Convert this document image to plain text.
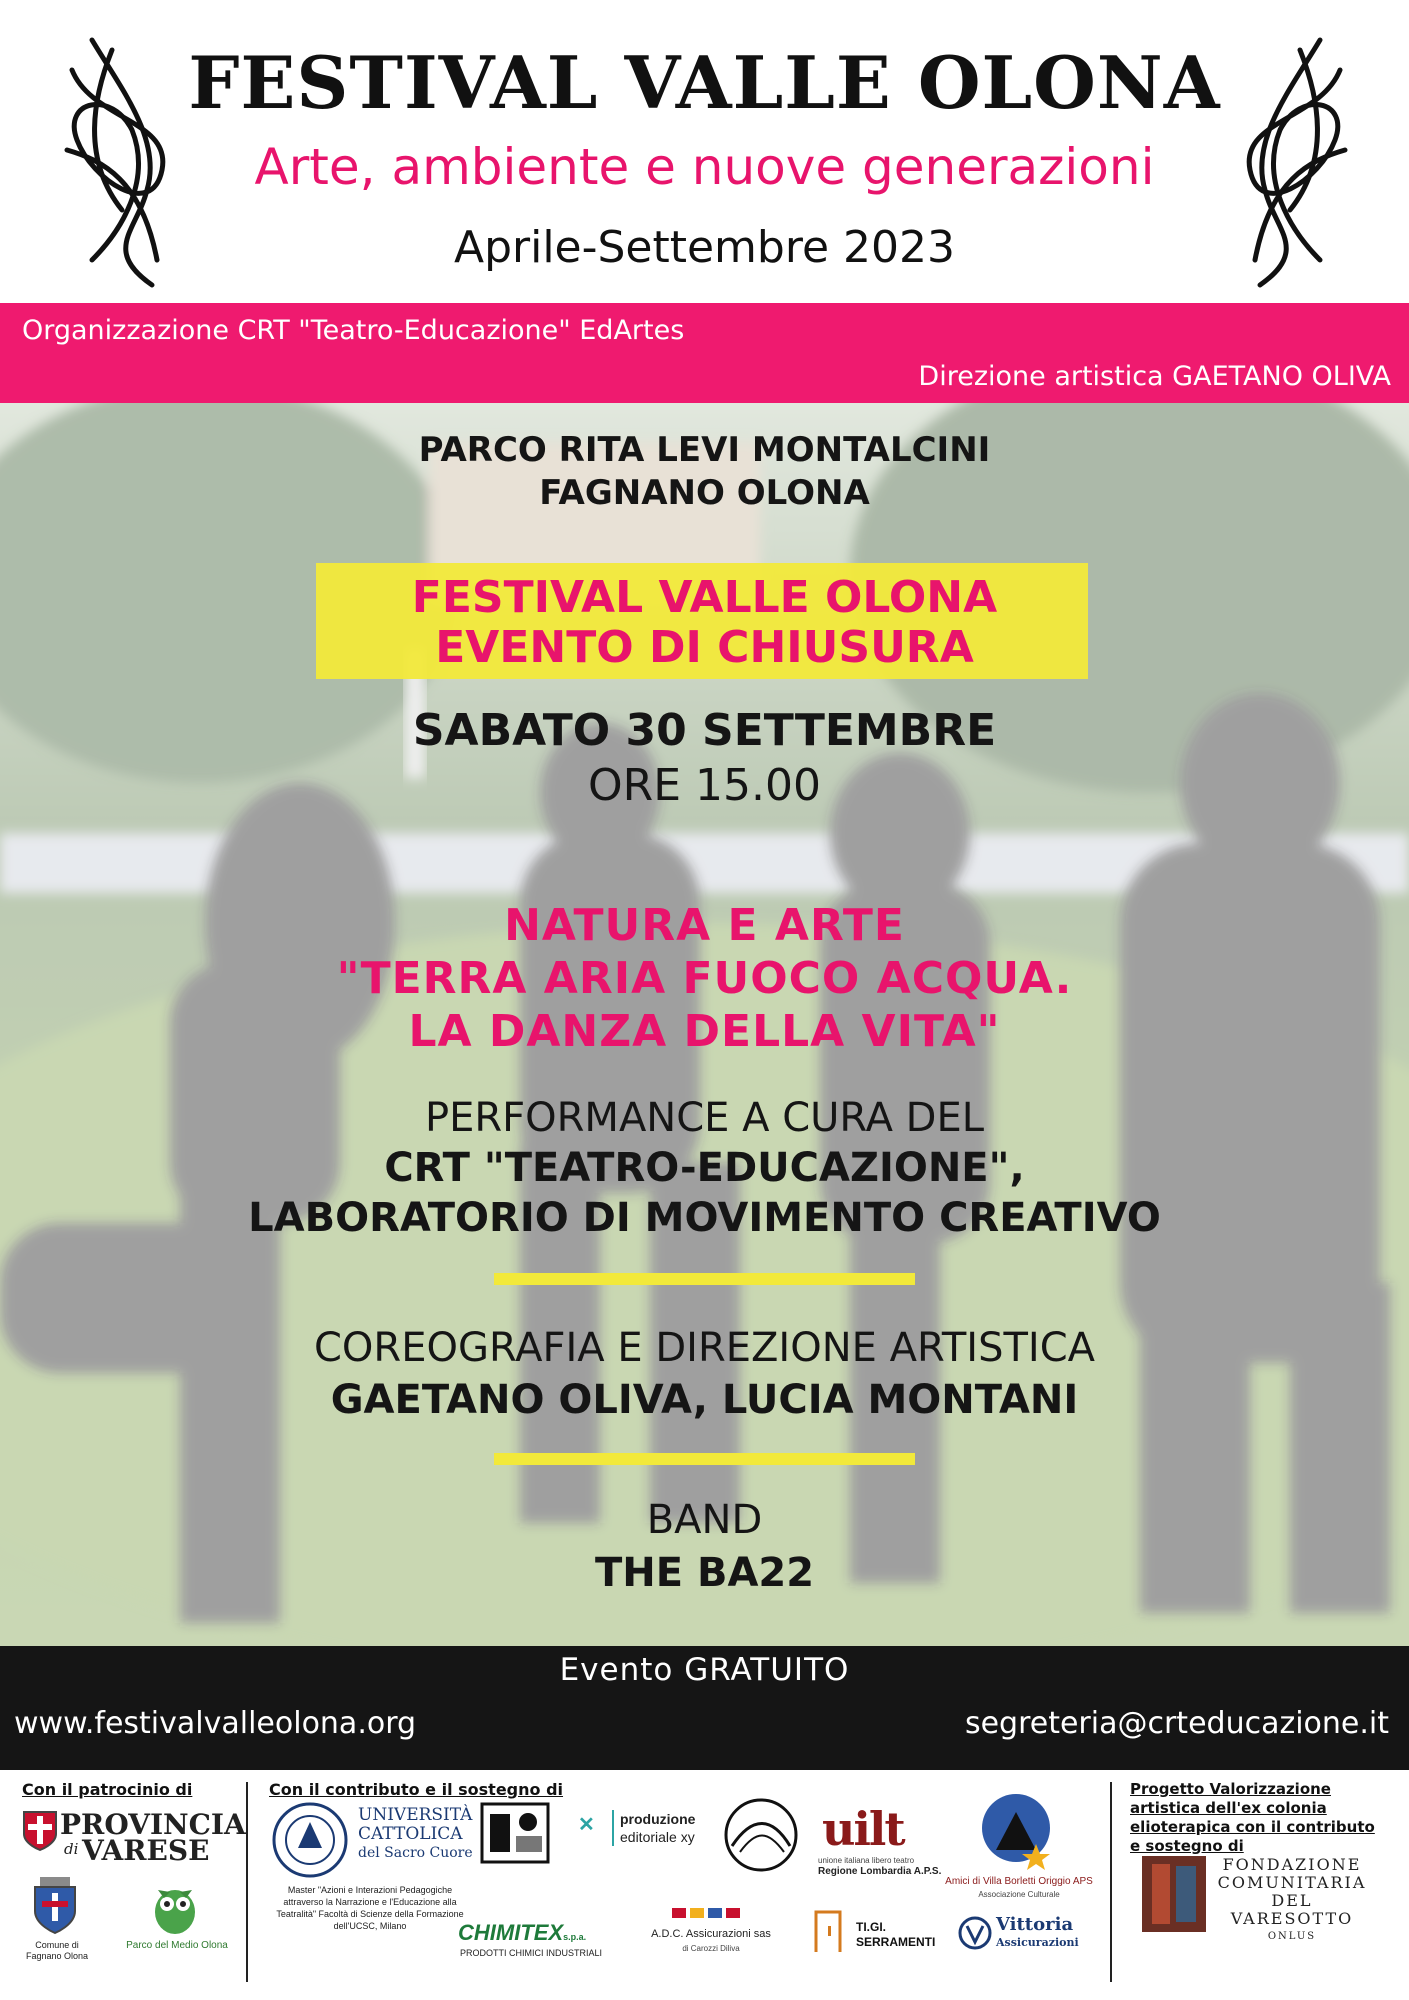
FESTIVAL VALLE OLONA
Arte, ambiente e nuove generazioni
Aprile-Settembre 2023
Organizzazione CRT "Teatro-Educazione" EdArtes
Direzione artistica GAETANO OLIVA
PARCO RITA LEVI MONTALCINI
FAGNANO OLONA
FESTIVAL VALLE OLONA
EVENTO DI CHIUSURA
SABATO 30 SETTEMBRE
ORE 15.00
NATURA E ARTE
"TERRA ARIA FUOCO ACQUA.
LA DANZA DELLA VITA"
PERFORMANCE A CURA DEL
CRT "TEATRO-EDUCAZIONE",
LABORATORIO DI MOVIMENTO CREATIVO
COREOGRAFIA E DIREZIONE ARTISTICA
GAETANO OLIVA, LUCIA MONTANI
BAND
THE BA22
Evento GRATUITO
www.festivalvalleolona.org	segreteria@crteducazione.it
Con il patrocinio di	Con il contributo e il sostegno di	Progetto Valorizzazione artistica dell'ex colonia elioterapica con il contributo e sostegno di
PROVINCIA
di VARESE
Comune di Fagnano Olona
Parco del Medio Olona
UNIVERSITÀ
CATTOLICA
del Sacro Cuore
Master "Azioni e Interazioni Pedagogiche attraverso la Narrazione e l'Educazione alla Teatralità" Facoltà di Scienze della Formazione dell'UCSC, Milano
✕ produzione
editoriale xy	uilt
unione italiana libero teatro
Regione Lombardia A.P.S.
Amici di Villa Borletti Origgio APS
Associazione Culturale
CHIMITEXs.p.a.
PRODOTTI CHIMICI INDUSTRIALI
A.D.C. Assicurazioni sas
di Carozzi Diliva
TI.GI.
SERRAMENTI
Vittoria
Assicurazioni
FONDAZIONE
COMUNITARIA
DEL VARESOTTO
ONLUS
